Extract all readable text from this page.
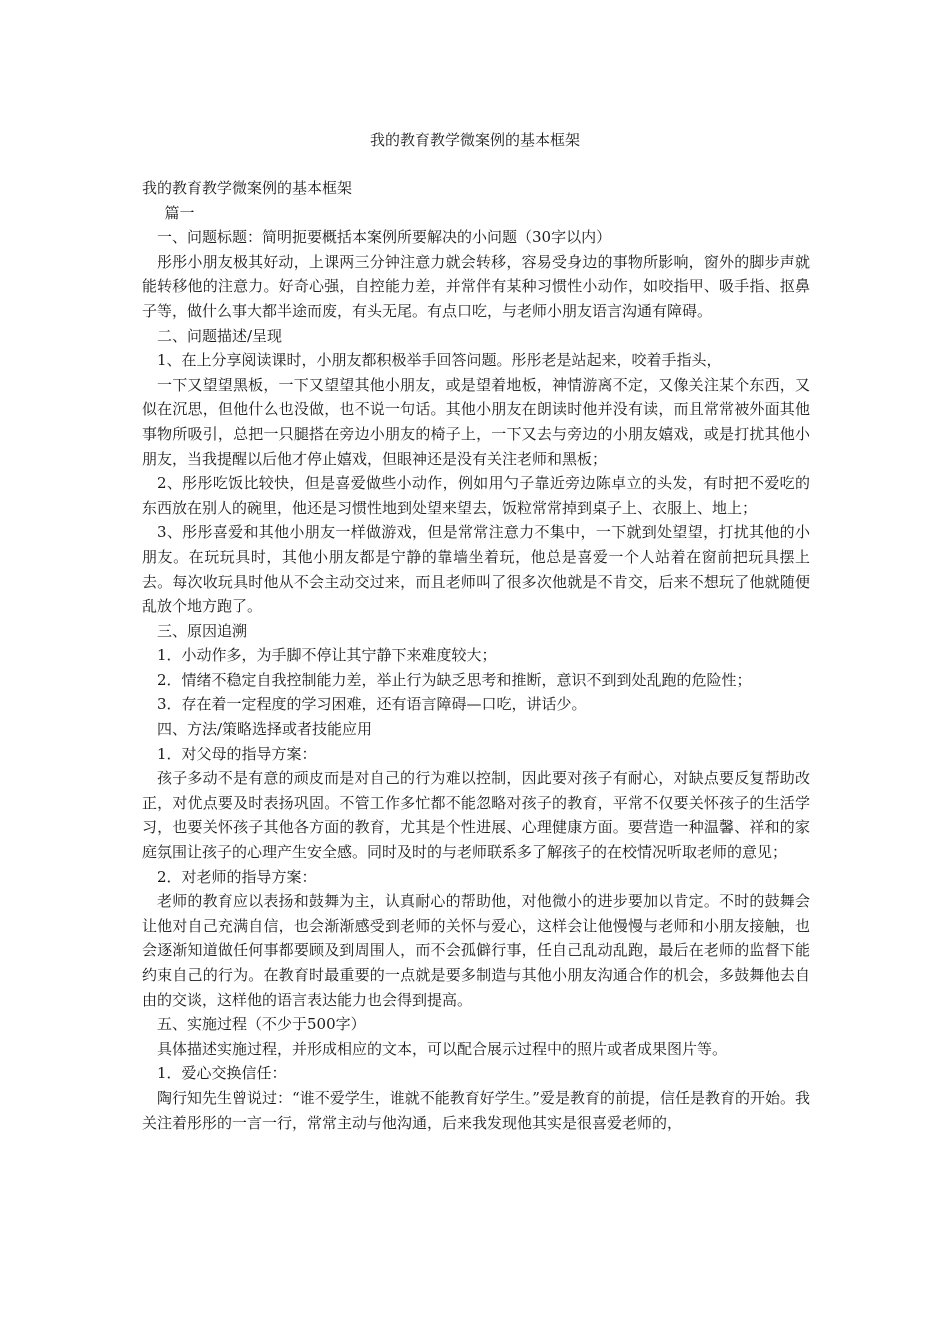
我的教育教学微案例的基本框架

我的教育教学微案例的基本框架

篇一

一、问题标题：简明扼要概括本案例所要解决的小问题（30字以内）

彤彤小朋友极其好动，上课两三分钟注意力就会转移，容易受身边的事物所影响，窗外的脚步声就能转移他的注意力。好奇心强，自控能力差，并常伴有某种习惯性小动作，如咬指甲、吸手指、抠鼻子等，做什么事大都半途而废，有头无尾。有点口吃，与老师小朋友语言沟通有障碍。

二、问题描述/呈现

1、在上分享阅读课时，小朋友都积极举手回答问题。彤彤老是站起来，咬着手指头，

一下又望望黑板，一下又望望其他小朋友，或是望着地板，神情游离不定，又像关注某个东西，又似在沉思，但他什么也没做，也不说一句话。其他小朋友在朗读时他并没有读，而且常常被外面其他事物所吸引，总把一只腿搭在旁边小朋友的椅子上，一下又去与旁边的小朋友嬉戏，或是打扰其他小朋友，当我提醒以后他才停止嬉戏，但眼神还是没有关注老师和黑板；

2、彤彤吃饭比较快，但是喜爱做些小动作，例如用勺子靠近旁边陈卓立的头发，有时把不爱吃的东西放在别人的碗里，他还是习惯性地到处望来望去，饭粒常常掉到桌子上、衣服上、地上；

3、彤彤喜爱和其他小朋友一样做游戏，但是常常注意力不集中，一下就到处望望，打扰其他的小朋友。在玩玩具时，其他小朋友都是宁静的靠墙坐着玩，他总是喜爱一个人站着在窗前把玩具摆上去。每次收玩具时他从不会主动交过来，而且老师叫了很多次他就是不肯交，后来不想玩了他就随便乱放个地方跑了。

三、原因追溯

1．小动作多，为手脚不停让其宁静下来难度较大；

2．情绪不稳定自我控制能力差，举止行为缺乏思考和推断，意识不到到处乱跑的危险性；

3．存在着一定程度的学习困难，还有语言障碍—口吃，讲话少。

四、方法/策略选择或者技能应用

1．对父母的指导方案：

孩子多动不是有意的顽皮而是对自己的行为难以控制，因此要对孩子有耐心，对缺点要反复帮助改正，对优点要及时表扬巩固。不管工作多忙都不能忽略对孩子的教育，平常不仅要关怀孩子的生活学习，也要关怀孩子其他各方面的教育，尤其是个性进展、心理健康方面。要营造一种温馨、祥和的家庭氛围让孩子的心理产生安全感。同时及时的与老师联系多了解孩子的在校情况听取老师的意见；

2．对老师的指导方案：

老师的教育应以表扬和鼓舞为主，认真耐心的帮助他，对他微小的进步要加以肯定。不时的鼓舞会让他对自己充满自信，也会渐渐感受到老师的关怀与爱心，这样会让他慢慢与老师和小朋友接触，也会逐渐知道做任何事都要顾及到周围人，而不会孤僻行事，任自己乱动乱跑，最后在老师的监督下能约束自己的行为。在教育时最重要的一点就是要多制造与其他小朋友沟通合作的机会，多鼓舞他去自由的交谈，这样他的语言表达能力也会得到提高。

五、实施过程（不少于500字）

具体描述实施过程，并形成相应的文本，可以配合展示过程中的照片或者成果图片等。

1．爱心交换信任：

陶行知先生曾说过：“谁不爱学生，谁就不能教育好学生。”爱是教育的前提，信任是教育的开始。我关注着彤彤的一言一行，常常主动与他沟通，后来我发现他其实是很喜爱老师的，
